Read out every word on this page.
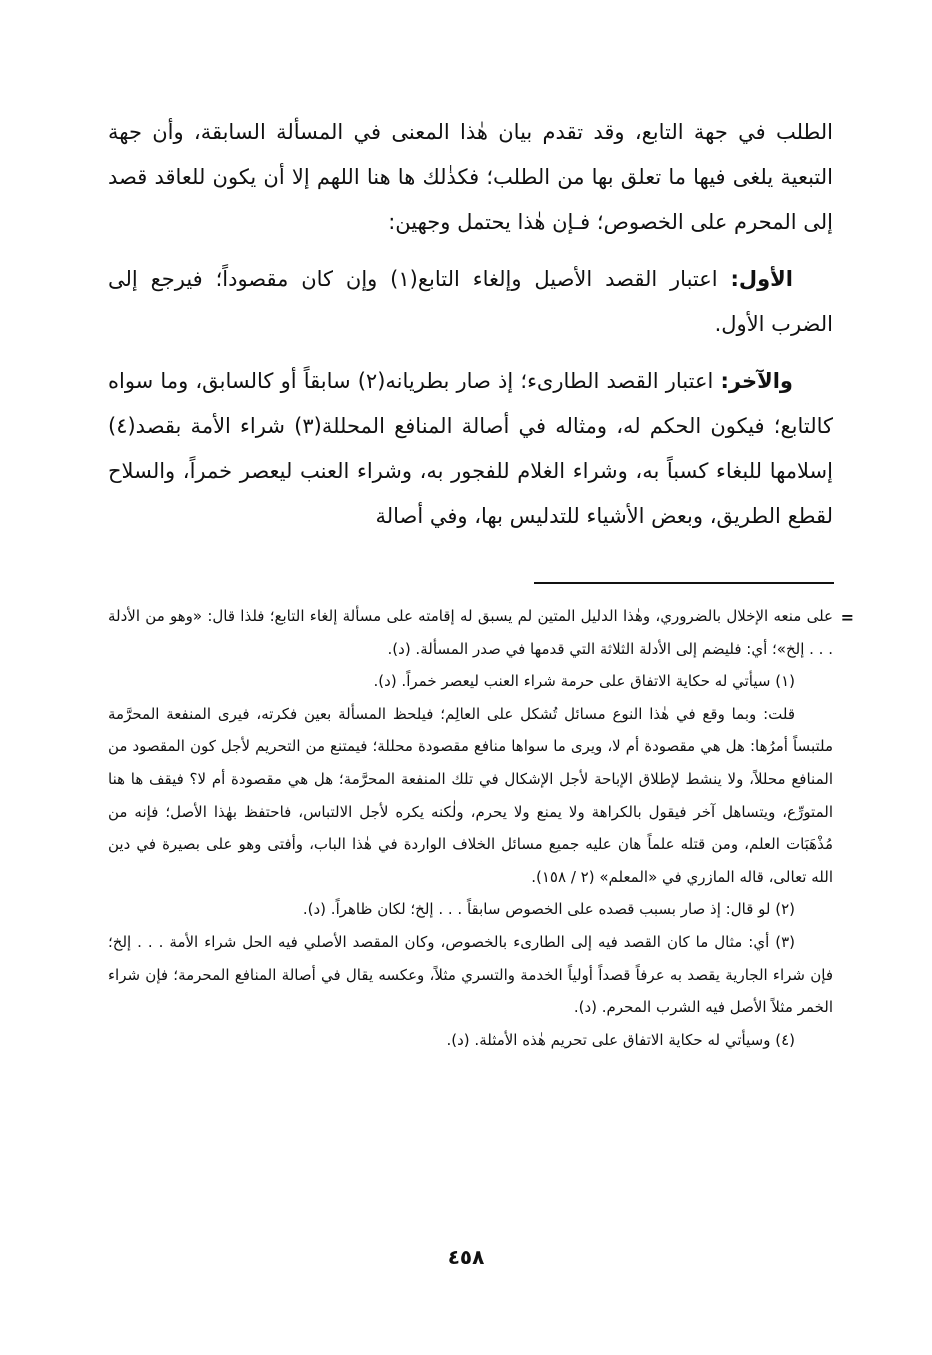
الطلب في جهة التابع، وقد تقدم بيان هٰذا المعنى في المسألة السابقة، وأن جهة التبعية يلغى فيها ما تعلق بها من الطلب؛ فكذٰلك ها هنا اللهم إلا أن يكون للعاقد قصد إلى المحرم على الخصوص؛ فـإن هٰذا يحتمل وجهين:

الأول: اعتبار القصد الأصيل وإلغاء التابع(١) وإن كان مقصوداً؛ فيرجع إلى الضرب الأول.

والآخر: اعتبار القصد الطارىء؛ إذ صار بطريانه(٢) سابقاً أو كالسابق، وما سواه كالتابع؛ فيكون الحكم له، ومثاله في أصالة المنافع المحللة(٣) شراء الأمة بقصد(٤) إسلامها للبغاء كسباً به، وشراء الغلام للفجور به، وشراء العنب ليعصر خمراً، والسلاح لقطع الطريق، وبعض الأشياء للتدليس بها، وفي أصالة

=

على منعه الإخلال بالضروري، وهٰذا الدليل المتين لم يسبق له إقامته على مسألة إلغاء التابع؛ فلذا قال: «وهو من الأدلة . . . إلخ»؛ أي: فليضم إلى الأدلة الثلاثة التي قدمها في صدر المسألة. (د).

(١) سيأتي له حكاية الاتفاق على حرمة شراء العنب ليعصر خمراً. (د).

قلت: وبما وقع في هٰذا النوع مسائل تُشكل على العالِم؛ فيلحظ المسألة بعين فكرته، فيرى المنفعة المحرَّمة ملتبساً أمرُها: هل هي مقصودة أم لا، ويرى ما سواها منافع مقصودة محللة؛ فيمتنع من التحريم لأجل كون المقصود من المنافع محللاً، ولا ينشط لإطلاق الإباحة لأجل الإشكال في تلك المنفعة المحرَّمة؛ هل هي مقصودة أم لا؟ فيقف ها هنا المتورِّع، ويتساهل آخر فيقول بالكراهة ولا يمنع ولا يحرم، ولٰكنه يكره لأجل الالتباس، فاحتفظ بهٰذا الأصل؛ فإنه من مُذْهَبَات العلم، ومن قتله علماً هان عليه جميع مسائل الخلاف الواردة في هٰذا الباب، وأفتى وهو على بصيرة في دين الله تعالى، قاله المازري في «المعلم» (٢ / ١٥٨).

(٢) لو قال: إذ صار بسبب قصده على الخصوص سابقاً . . . إلخ؛ لكان ظاهراً. (د).

(٣) أي: مثال ما كان القصد فيه إلى الطارىء بالخصوص، وكان المقصد الأصلي فيه الحل شراء الأمة . . . إلخ؛ فإن شراء الجارية يقصد به عرفاً قصداً أولياً الخدمة والتسري مثلاً، وعكسه يقال في أصالة المنافع المحرمة؛ فإن شراء الخمر مثلاً الأصل فيه الشرب المحرم. (د).

(٤) وسيأتي له حكاية الاتفاق على تحريم هٰذه الأمثلة. (د).

٤٥٨
